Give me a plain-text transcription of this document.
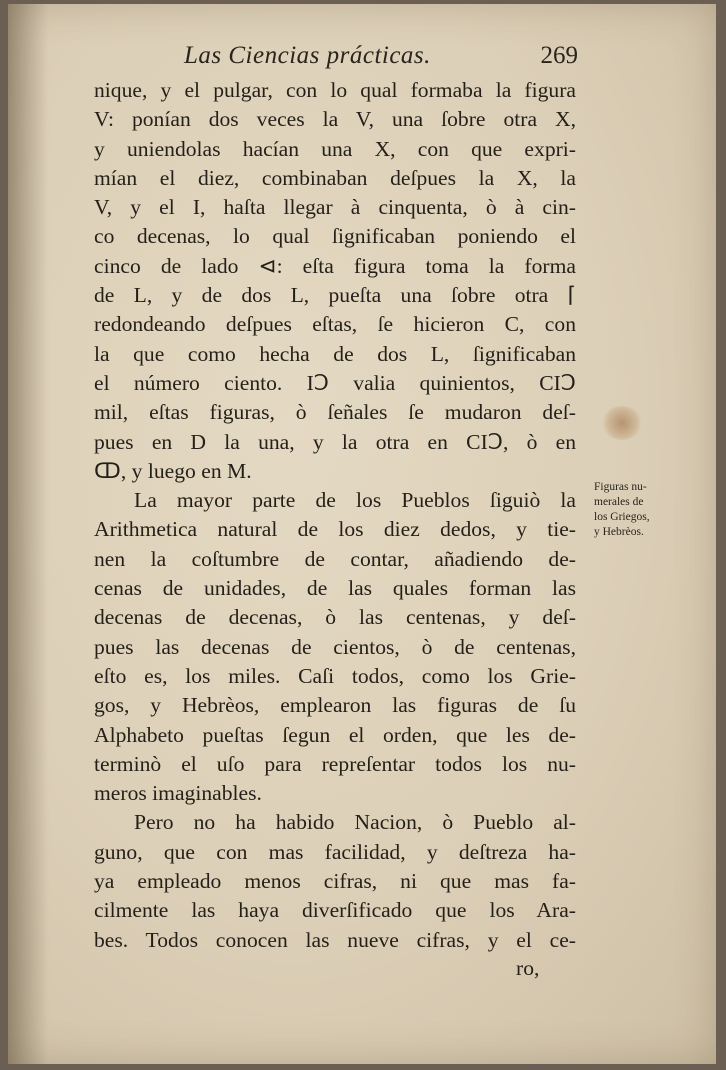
Las Ciencias prácticas.	269
nique, y el pulgar, con lo qual formaba la figura
V: ponían dos veces la V, una ſobre otra X,
y uniendolas hacían una X, con que expri-
mían el diez, combinaban deſpues la X, la
V, y el I, haſta llegar à cinquenta, ò à cin-
co decenas, lo qual ſignificaban poniendo el
cinco de lado ⊲: eſta figura toma la forma
de L, y de dos L, pueſta una ſobre otra ⌈
redondeando deſpues eſtas, ſe hicieron C, con
la que como hecha de dos L, ſignificaban
el número ciento. IↃ valia quinientos, CIↃ
mil, eſtas figuras, ò ſeñales ſe mudaron deſ-
pues en D la una, y la otra en CIↃ, ò en
ↀ, y luego en M.
La mayor parte de los Pueblos ſiguiò la
Arithmetica natural de los diez dedos, y tie-
nen la coſtumbre de contar, añadiendo de-
cenas de unidades, de las quales forman las
decenas de decenas, ò las centenas, y deſ-
pues las decenas de cientos, ò de centenas,
eſto es, los miles. Caſi todos, como los Grie-
gos, y Hebrèos, emplearon las figuras de ſu
Alphabeto pueſtas ſegun el orden, que les de-
terminò el uſo para repreſentar todos los nu-
meros imaginables.
Pero no ha habido Nacion, ò Pueblo al-
guno, que con mas facilidad, y deſtreza ha-
ya empleado menos cifras, ni que mas fa-
cilmente las haya diverſificado que los Ara-
bes. Todos conocen las nueve cifras, y el ce-
ro,
Figuras nu-
merales de
los Griegos,
y Hebrèos.
